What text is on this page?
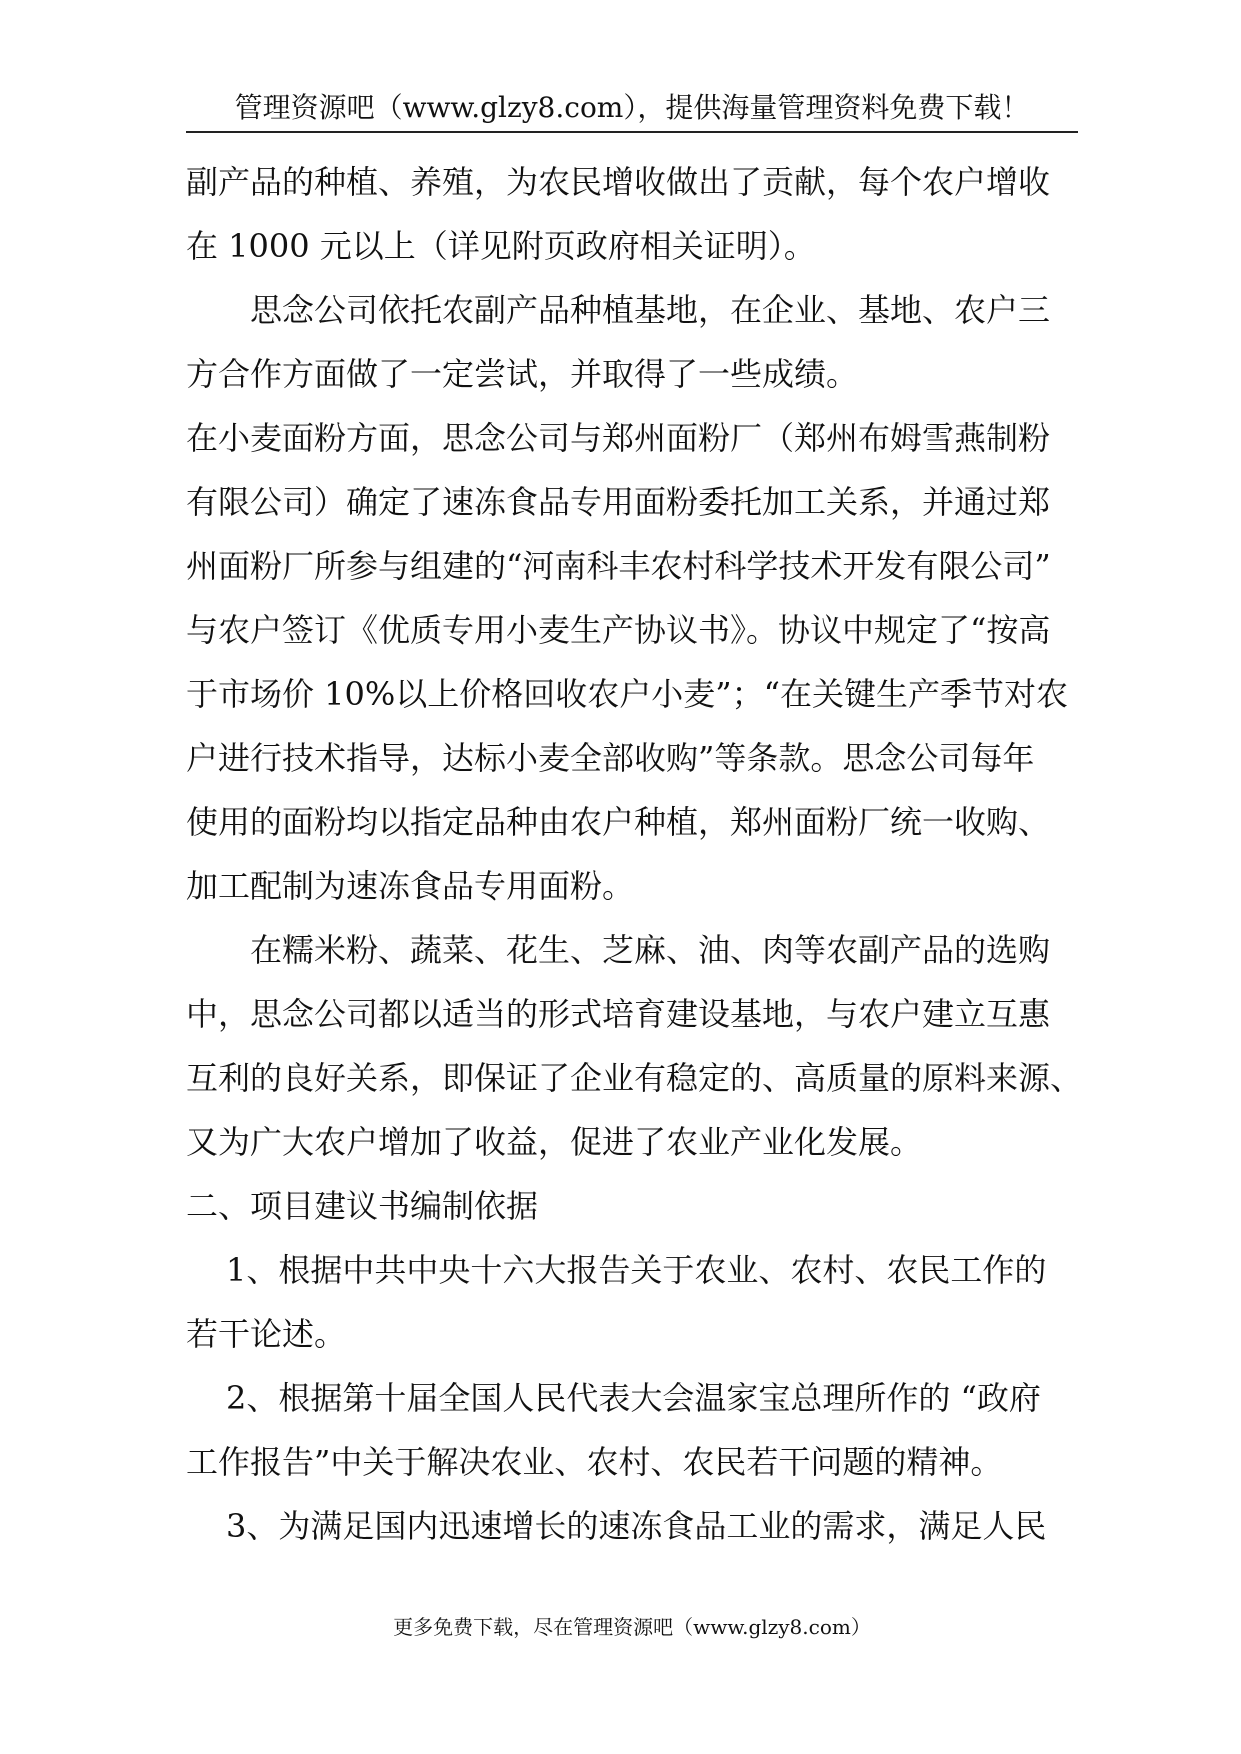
管理资源吧（www.glzy8.com），提供海量管理资料免费下载！
副产品的种植、养殖，为农民增收做出了贡献，每个农户增收
在 1000 元以上（详见附页政府相关证明）。
思念公司依托农副产品种植基地，在企业、基地、农户三
方合作方面做了一定尝试，并取得了一些成绩。
在小麦面粉方面，思念公司与郑州面粉厂（郑州布姆雪燕制粉
有限公司）确定了速冻食品专用面粉委托加工关系，并通过郑
州面粉厂所参与组建的“河南科丰农村科学技术开发有限公司”
与农户签订《优质专用小麦生产协议书》。协议中规定了“按高
于市场价 10%以上价格回收农户小麦”；“在关键生产季节对农
户进行技术指导，达标小麦全部收购”等条款。思念公司每年
使用的面粉均以指定品种由农户种植，郑州面粉厂统一收购、
加工配制为速冻食品专用面粉。
在糯米粉、蔬菜、花生、芝麻、油、肉等农副产品的选购
中，思念公司都以适当的形式培育建设基地，与农户建立互惠
互利的良好关系，即保证了企业有稳定的、高质量的原料来源、
又为广大农户增加了收益，促进了农业产业化发展。
二、项目建议书编制依据
1、根据中共中央十六大报告关于农业、农村、农民工作的
若干论述。
2、根据第十届全国人民代表大会温家宝总理所作的 “政府
工作报告”中关于解决农业、农村、农民若干问题的精神。
3、为满足国内迅速增长的速冻食品工业的需求，满足人民
更多免费下载，尽在管理资源吧（www.glzy8.com）
